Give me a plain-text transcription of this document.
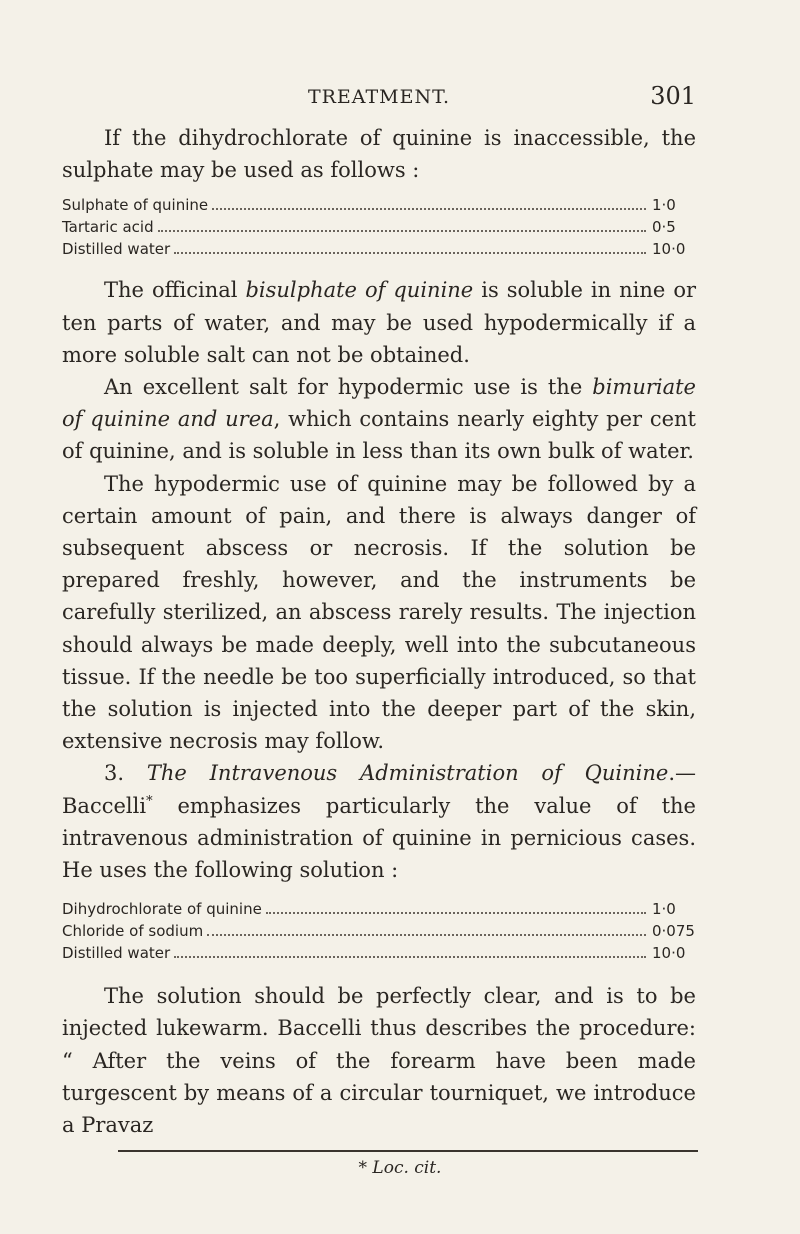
TREATMENT.	301

If the dihydrochlorate of quinine is inaccessible, the sulphate may be used as follows :

Sulphate of quinine	1·0
Tartaric acid	0·5
Distilled water	10·0

The officinal bisulphate of quinine is soluble in nine or ten parts of water, and may be used hypodermically if a more soluble salt can not be obtained.

An excellent salt for hypodermic use is the bimuriate of quinine and urea, which contains nearly eighty per cent of quinine, and is soluble in less than its own bulk of water.

The hypodermic use of quinine may be followed by a certain amount of pain, and there is always danger of subsequent abscess or necrosis. If the solution be prepared freshly, however, and the instruments be carefully sterilized, an abscess rarely results. The injection should always be made deeply, well into the subcutaneous tissue. If the needle be too superficially introduced, so that the solution is injected into the deeper part of the skin, extensive necrosis may follow.

3. The Intravenous Administration of Quinine.—Baccelli* emphasizes particularly the value of the intravenous administration of quinine in pernicious cases. He uses the following solution :

Dihydrochlorate of quinine	1·0
Chloride of sodium	0·075
Distilled water	10·0

The solution should be perfectly clear, and is to be injected lukewarm. Baccelli thus describes the procedure: “ After the veins of the forearm have been made turgescent by means of a circular tourniquet, we introduce a Pravaz

* Loc. cit.
